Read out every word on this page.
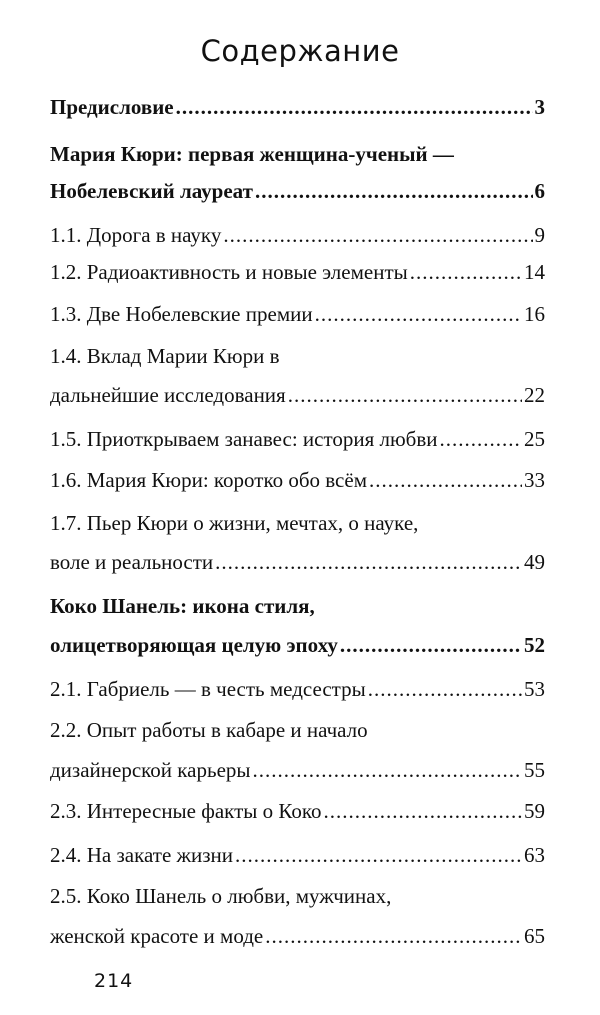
Содержание
Предисловие .....	3
Мария Кюри: первая женщина-ученый —
Нобелевский лауреат .....	6
1.1. Дорога в науку .....	9
1.2. Радиоактивность и новые элементы .....	14
1.3. Две Нобелевские премии .....	16
1.4. Вклад Марии Кюри в
дальнейшие исследования .....	22
1.5. Приоткрываем занавес: история любви .....	25
1.6. Мария Кюри: коротко обо всём .....	33
1.7. Пьер Кюри о жизни, мечтах, о науке,
воле и реальности .....	49
Коко Шанель: икона стиля,
олицетворяющая целую эпоху .....	52
2.1. Габриель — в честь медсестры .....	53
2.2. Опыт работы в кабаре и начало
дизайнерской карьеры .....	55
2.3. Интересные факты о Коко .....	59
2.4. На закате жизни .....	63
2.5. Коко Шанель о любви, мужчинах,
женской красоте и моде .....	65
214
